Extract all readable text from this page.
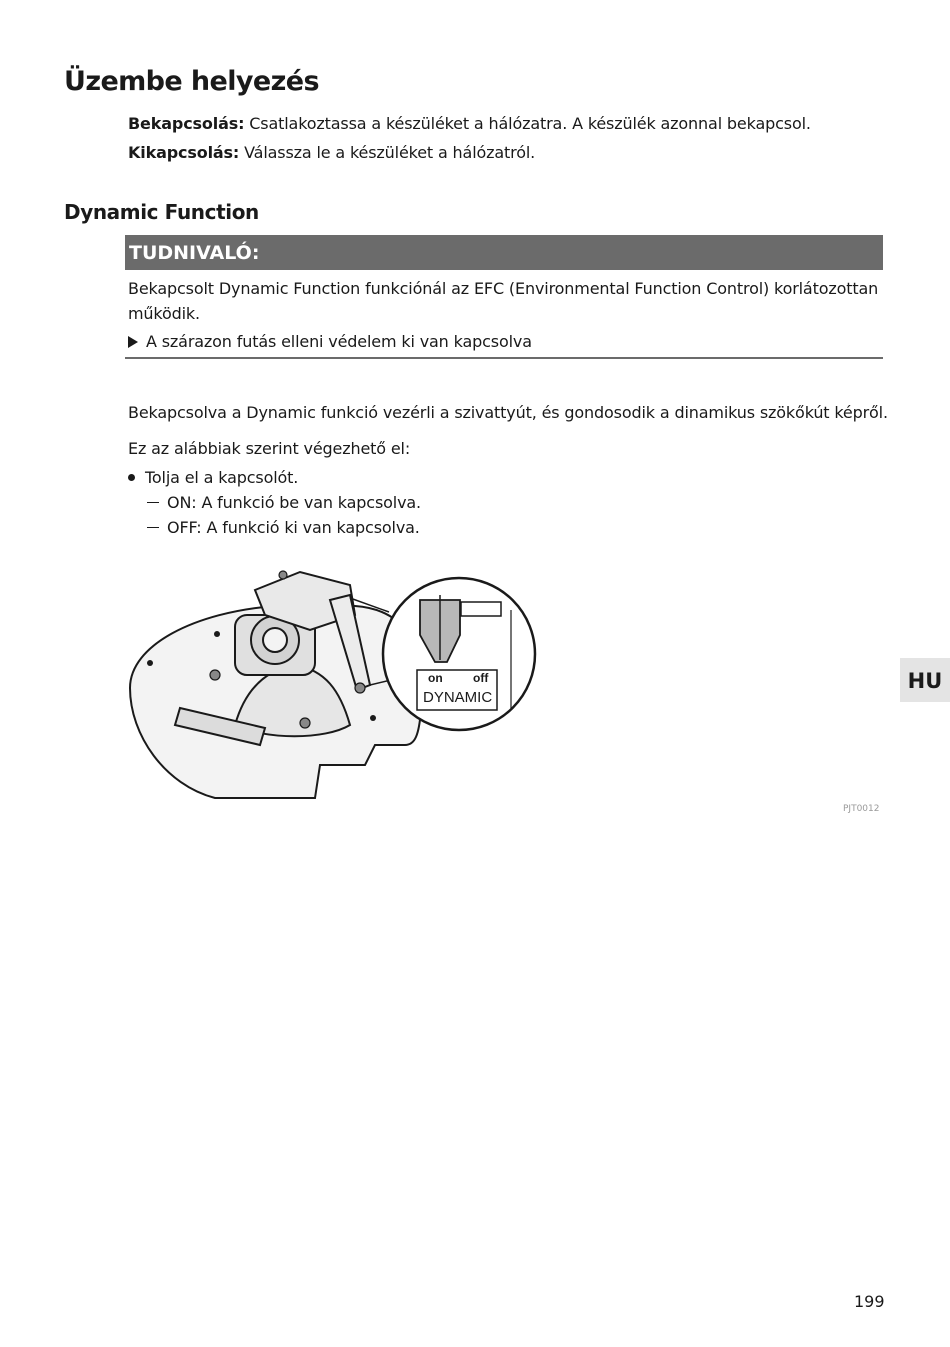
Üzembe helyezés
Bekapcsolás: Csatlakoztassa a készüléket a hálózatra. A készülék azonnal bekapcsol.
Kikapcsolás: Válassza le a készüléket a hálózatról.
Dynamic Function
TUDNIVALÓ:
Bekapcsolt Dynamic Function funkciónál az EFC (Environmental Function Control) korlátozottan
működik.
A szárazon futás elleni védelem ki van kapcsolva
Bekapcsolva a Dynamic funkció vezérli a szivattyút, és gondosodik a dinamikus szökőkút képről.
Ez az alábbiak szerint végezhető el:
Tolja el a kapcsolót.
ON: A funkció be van kapcsolva.
OFF: A funkció ki van kapcsolva.
on	off
DYNAMIC
PJT0012
HU
199
